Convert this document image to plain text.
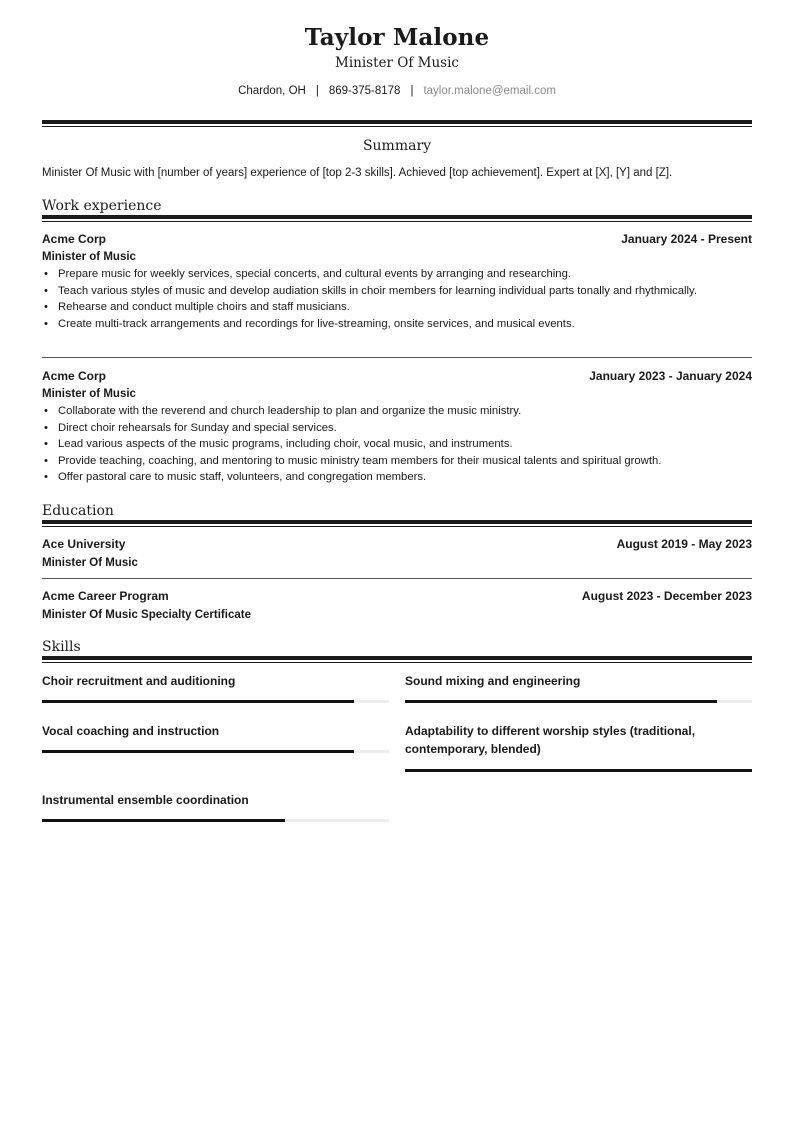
Taylor Malone
Minister Of Music
Chardon, OH | 869-375-8178 | taylor.malone@email.com
Summary
Minister Of Music with [number of years] experience of [top 2-3 skills]. Achieved [top achievement]. Expert at [X], [Y] and [Z].
Work experience
Acme Corp	January 2024 - Present
Minister of Music
• Prepare music for weekly services, special concerts, and cultural events by arranging and researching.
• Teach various styles of music and develop audiation skills in choir members for learning individual parts tonally and rhythmically.
• Rehearse and conduct multiple choirs and staff musicians.
• Create multi-track arrangements and recordings for live-streaming, onsite services, and musical events.
Acme Corp	January 2023 - January 2024
Minister of Music
• Collaborate with the reverend and church leadership to plan and organize the music ministry.
• Direct choir rehearsals for Sunday and special services.
• Lead various aspects of the music programs, including choir, vocal music, and instruments.
• Provide teaching, coaching, and mentoring to music ministry team members for their musical talents and spiritual growth.
• Offer pastoral care to music staff, volunteers, and congregation members.
Education
Ace University	August 2019 - May 2023
Minister Of Music
Acme Career Program	August 2023 - December 2023
Minister Of Music Specialty Certificate
Skills
Choir recruitment and auditioning	Sound mixing and engineering
Vocal coaching and instruction	Adaptability to different worship styles (traditional, contemporary, blended)
Instrumental ensemble coordination
